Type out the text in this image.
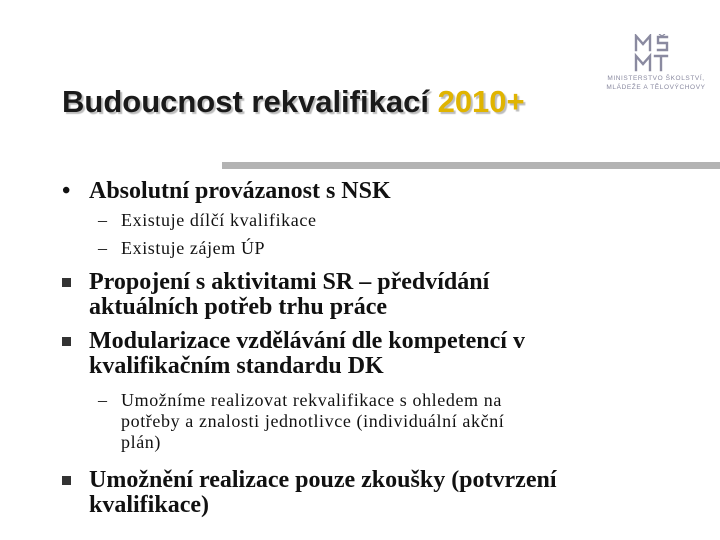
Budoucnost rekvalifikací 2010+
MINISTERSTVO ŠKOLSTVÍ,
MLÁDEŽE A TĚLOVÝCHOVY
• Absolutní provázanost s NSK
– Existuje dílčí kvalifikace
– Existuje zájem ÚP
Propojení s aktivitami SR – předvídání
aktuálních potřeb trhu práce
Modularizace vzdělávání dle kompetencí v
kvalifikačním standardu DK
– Umožníme realizovat rekvalifikace s ohledem na
potřeby a znalosti jednotlivce (individuální akční
plán)
Umožnění realizace pouze zkoušky (potvrzení
kvalifikace)
